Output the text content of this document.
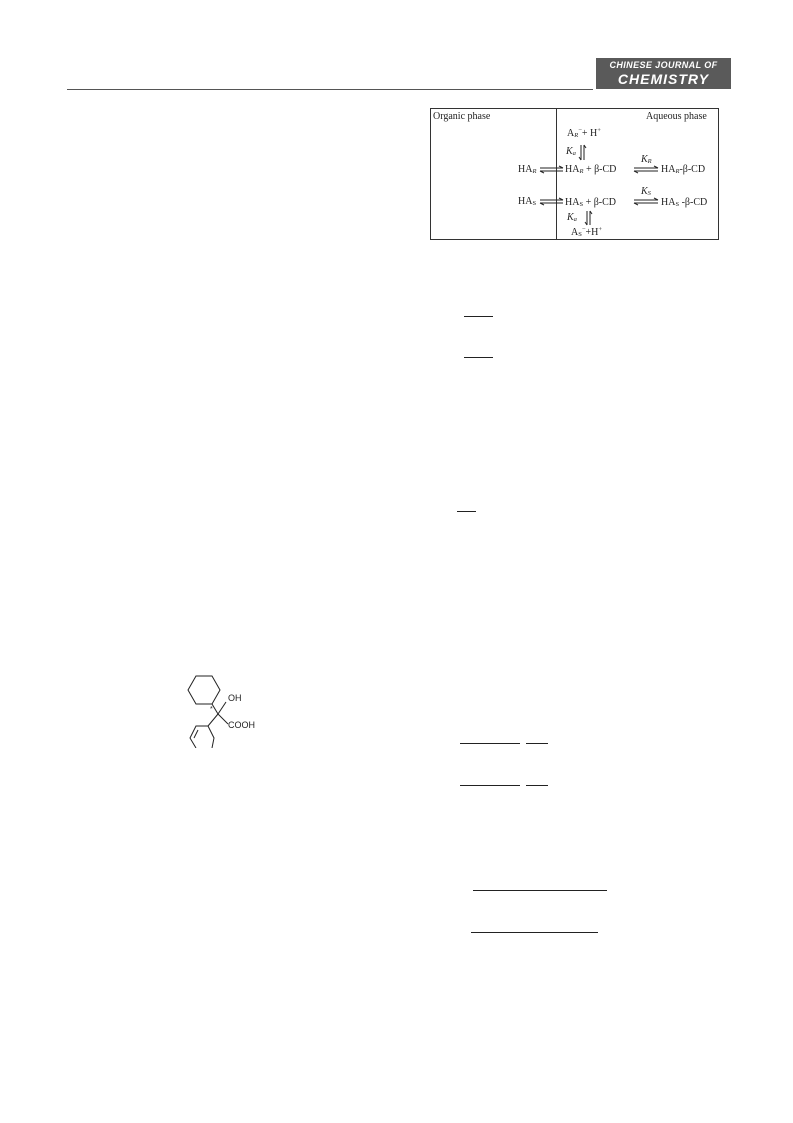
CHINESE JOURNAL OF
CHEMISTRY
Organic phase	Aqueous phase
$A_R^-+ H^+$
$K_a$
$HA_R$	$HA_R + \beta-CD$
$K_R$
$HA_R-\beta-CD$
$HA_S$	$HA_S + \beta-CD$
$K_S$
$HA_S$ -β-CD
$K_a$
$A_S^-+H^+$
OH
COOH
*
